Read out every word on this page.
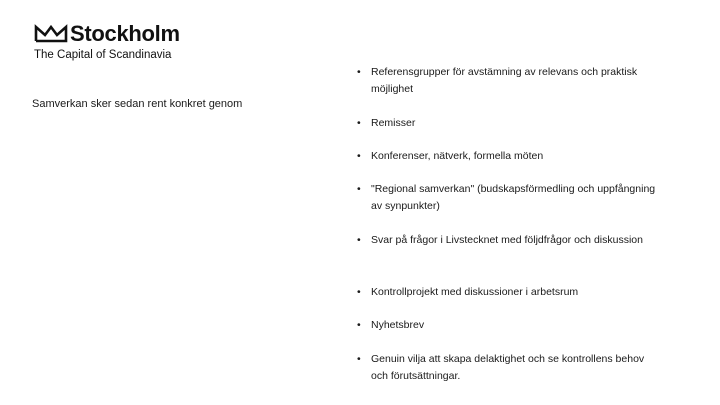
Stockholm
The Capital of Scandinavia
Samverkan sker sedan rent konkret genom
• Referensgrupper för avstämning av relevans och praktisk möjlighet
• Remisser
• Konferenser, nätverk, formella möten
• "Regional samverkan" (budskapsförmedling och uppfångning av synpunkter)
• Svar på frågor i Livstecknet med följdfrågor och diskussion
• Kontrollprojekt med diskussioner i arbetsrum
• Nyhetsbrev
• Genuin vilja att skapa delaktighet och se kontrollens behov och förutsättningar.
